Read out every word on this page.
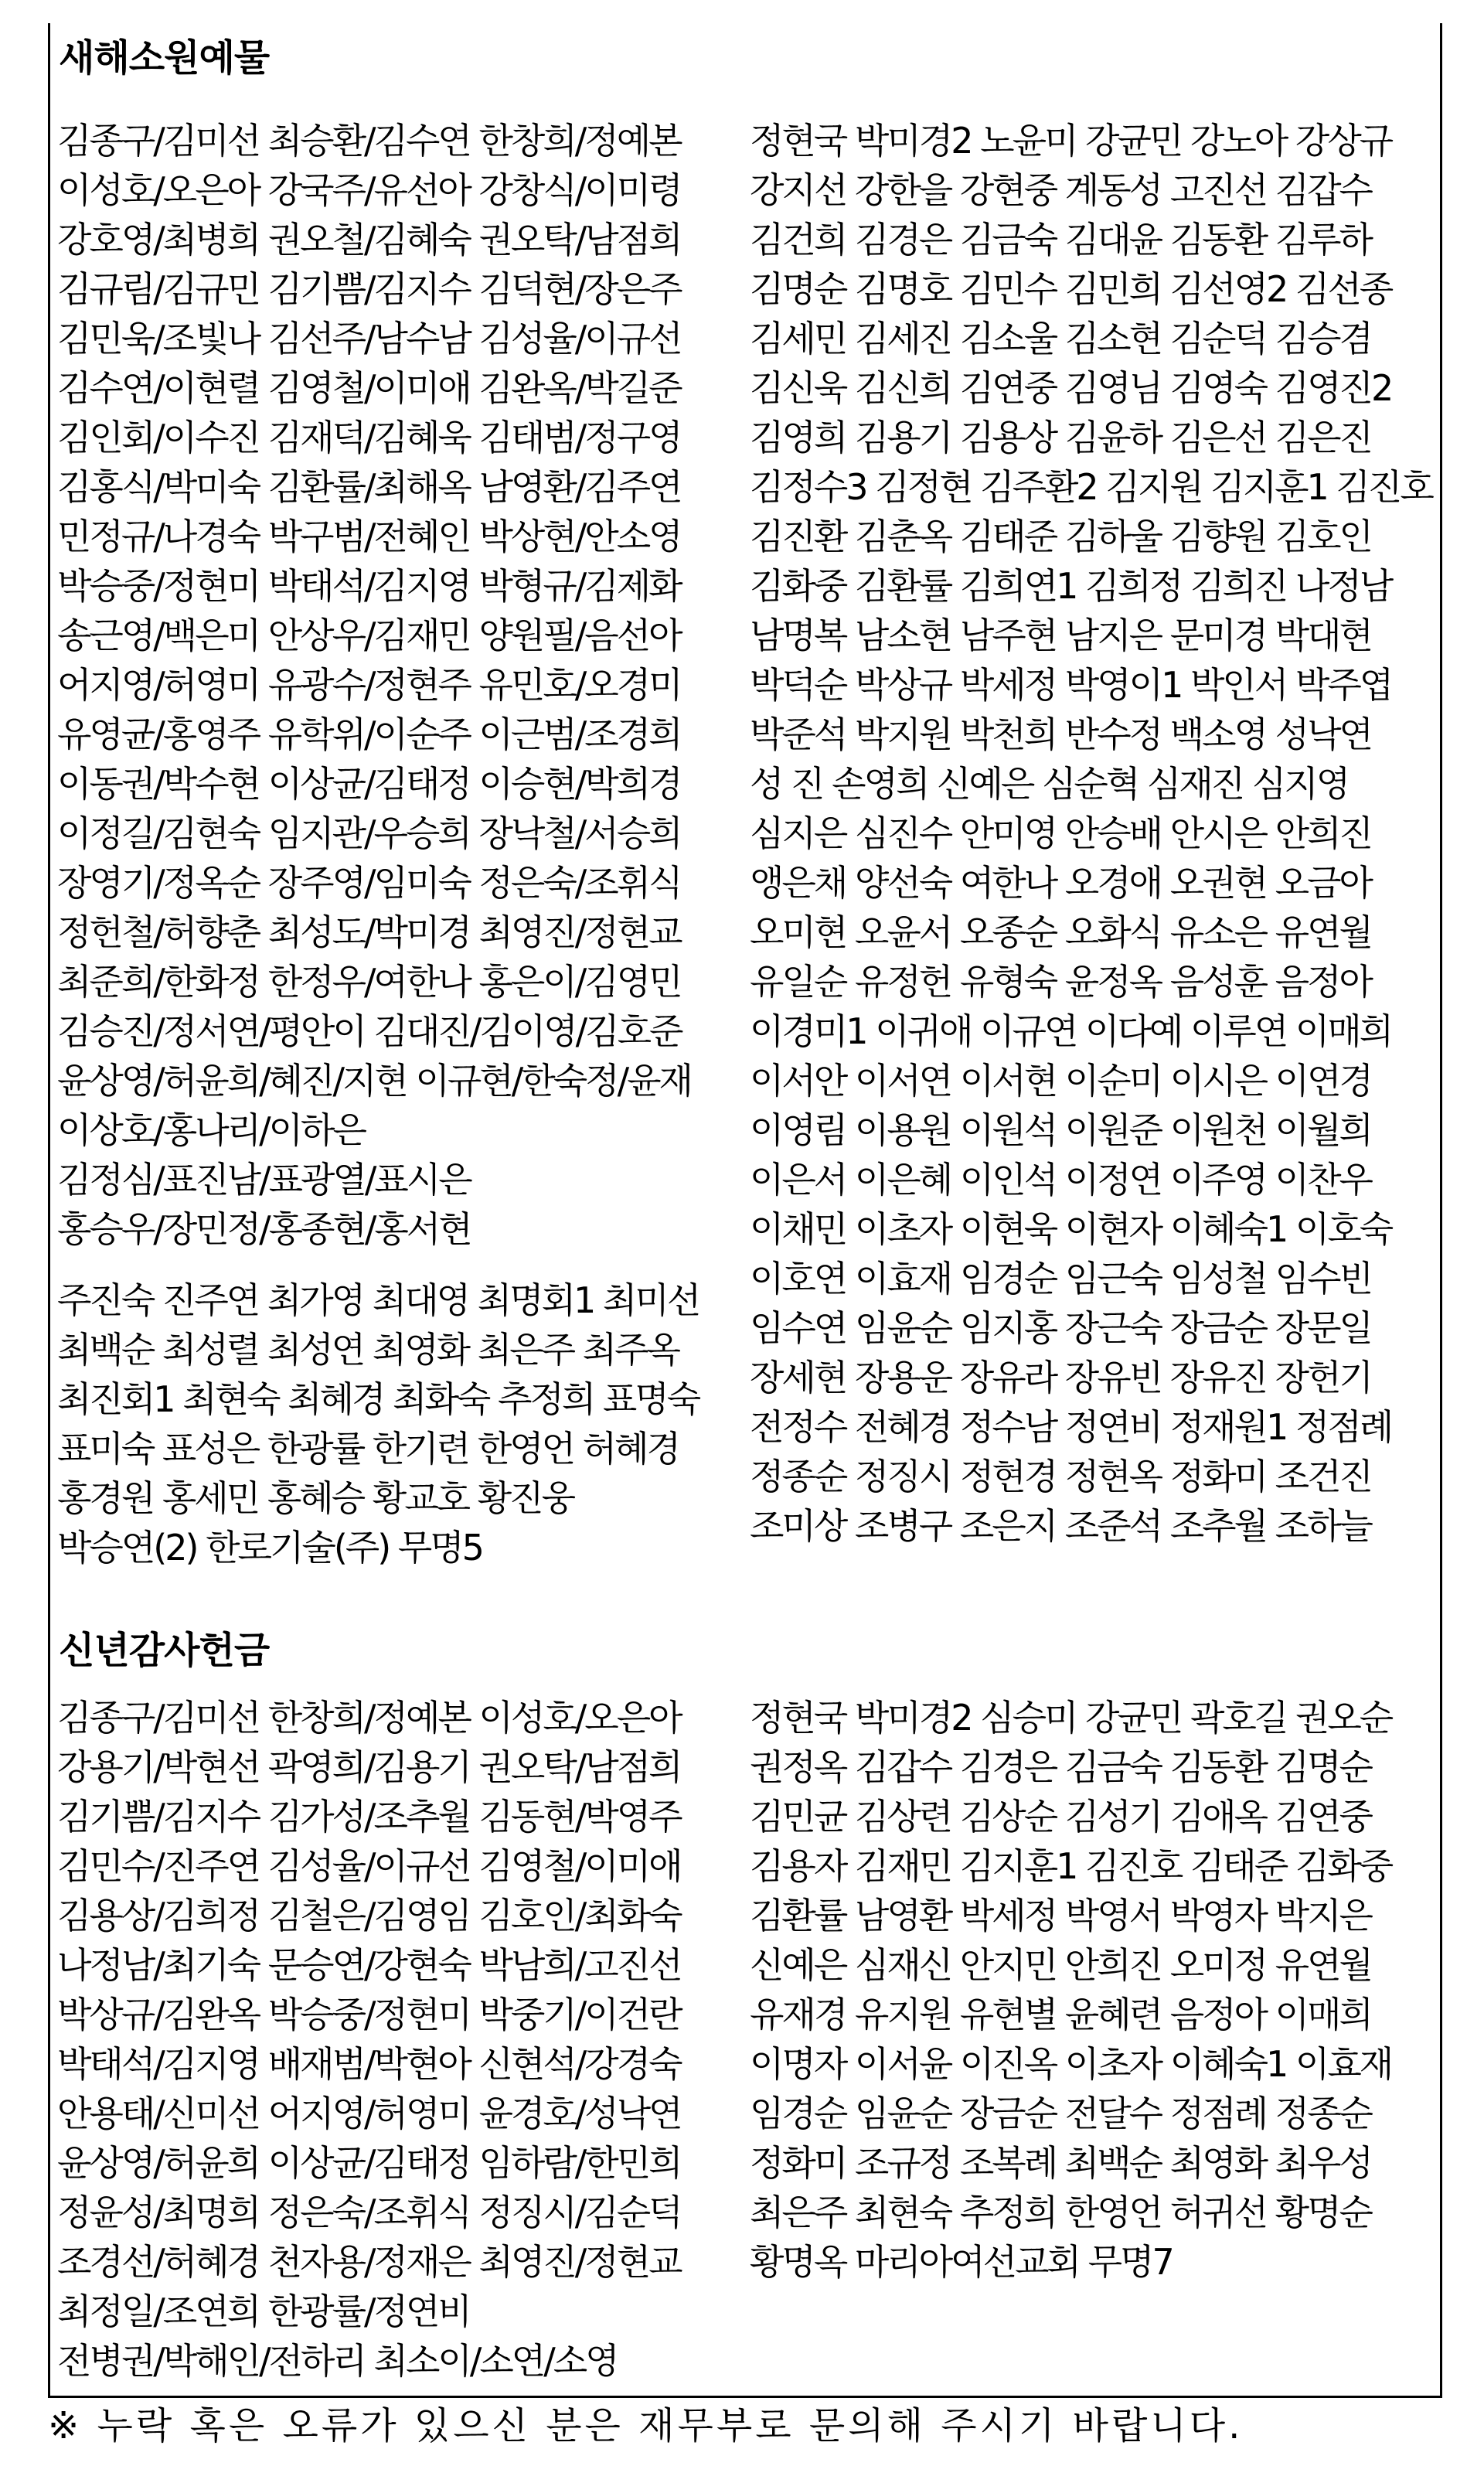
새해소원예물
김종구/김미선 최승환/김수연 한창희/정예본
이성호/오은아 강국주/유선아 강창식/이미령
강호영/최병희 권오철/김혜숙 권오탁/남점희
김규림/김규민 김기쁨/김지수 김덕현/장은주
김민욱/조빛나 김선주/남수남 김성율/이규선
김수연/이현렬 김영철/이미애 김완옥/박길준
김인회/이수진 김재덕/김혜욱 김태범/정구영
김홍식/박미숙 김환률/최해옥 남영환/김주연
민정규/나경숙 박구범/전혜인 박상현/안소영
박승중/정현미 박태석/김지영 박형규/김제화
송근영/백은미 안상우/김재민 양원필/음선아
어지영/허영미 유광수/정현주 유민호/오경미
유영균/홍영주 유학위/이순주 이근범/조경희
이동권/박수현 이상균/김태정 이승현/박희경
이정길/김현숙 임지관/우승희 장낙철/서승희
장영기/정옥순 장주영/임미숙 정은숙/조휘식
정헌철/허향춘 최성도/박미경 최영진/정현교
최준희/한화정 한정우/여한나 홍은이/김영민
김승진/정서연/평안이 김대진/김이영/김호준
윤상영/허윤희/혜진/지현 이규현/한숙정/윤재
이상호/홍나리/이하은
김정심/표진남/표광열/표시은
홍승우/장민정/홍종현/홍서현
주진숙 진주연 최가영 최대영 최명회1 최미선
최백순 최성렬 최성연 최영화 최은주 최주옥
최진회1 최현숙 최혜경 최화숙 추정희 표명숙
표미숙 표성은 한광률 한기련 한영언 허혜경
홍경원 홍세민 홍혜승 황교호 황진웅
박승연(2) 한로기술(주) 무명5
정현국 박미경2 노윤미 강균민 강노아 강상규
강지선 강한을 강현중 계동성 고진선 김갑수
김건희 김경은 김금숙 김대윤 김동환 김루하
김명순 김명호 김민수 김민희 김선영2 김선종
김세민 김세진 김소울 김소현 김순덕 김승겸
김신욱 김신희 김연중 김영님 김영숙 김영진2
김영희 김용기 김용상 김윤하 김은선 김은진
김정수3 김정현 김주환2 김지원 김지훈1 김진호
김진환 김춘옥 김태준 김하울 김향원 김호인
김화중 김환률 김희연1 김희정 김희진 나정남
남명복 남소현 남주현 남지은 문미경 박대현
박덕순 박상규 박세정 박영이1 박인서 박주엽
박준석 박지원 박천희 반수정 백소영 성낙연
성 진 손영희 신예은 심순혁 심재진 심지영
심지은 심진수 안미영 안승배 안시은 안희진
앵은채 양선숙 여한나 오경애 오권현 오금아
오미현 오윤서 오종순 오화식 유소은 유연월
유일순 유정헌 유형숙 윤정옥 음성훈 음정아
이경미1 이귀애 이규연 이다예 이루연 이매희
이서안 이서연 이서현 이순미 이시은 이연경
이영림 이용원 이원석 이원준 이원천 이월희
이은서 이은혜 이인석 이정연 이주영 이찬우
이채민 이초자 이현욱 이현자 이혜숙1 이호숙
이호연 이효재 임경순 임근숙 임성철 임수빈
임수연 임윤순 임지홍 장근숙 장금순 장문일
장세현 장용운 장유라 장유빈 장유진 장헌기
전정수 전혜경 정수남 정연비 정재원1 정점례
정종순 정징시 정현경 정현옥 정화미 조건진
조미상 조병구 조은지 조준석 조추월 조하늘
신년감사헌금
김종구/김미선 한창희/정예본 이성호/오은아
강용기/박현선 곽영희/김용기 권오탁/남점희
김기쁨/김지수 김가성/조추월 김동현/박영주
김민수/진주연 김성율/이규선 김영철/이미애
김용상/김희정 김철은/김영임 김호인/최화숙
나정남/최기숙 문승연/강현숙 박남희/고진선
박상규/김완옥 박승중/정현미 박중기/이건란
박태석/김지영 배재범/박현아 신현석/강경숙
안용태/신미선 어지영/허영미 윤경호/성낙연
윤상영/허윤희 이상균/김태정 임하람/한민희
정윤성/최명희 정은숙/조휘식 정징시/김순덕
조경선/허혜경 천자용/정재은 최영진/정현교
최정일/조연희 한광률/정연비
전병권/박해인/전하리 최소이/소연/소영
정현국 박미경2 심승미 강균민 곽호길 권오순
권정옥 김갑수 김경은 김금숙 김동환 김명순
김민균 김상련 김상순 김성기 김애옥 김연중
김용자 김재민 김지훈1 김진호 김태준 김화중
김환률 남영환 박세정 박영서 박영자 박지은
신예은 심재신 안지민 안희진 오미정 유연월
유재경 유지원 유현별 윤혜련 음정아 이매희
이명자 이서윤 이진옥 이초자 이혜숙1 이효재
임경순 임윤순 장금순 전달수 정점례 정종순
정화미 조규정 조복례 최백순 최영화 최우성
최은주 최현숙 추정희 한영언 허귀선 황명순
황명옥 마리아여선교회 무명7
※ 누락 혹은 오류가 있으신 분은 재무부로 문의해 주시기 바랍니다.
